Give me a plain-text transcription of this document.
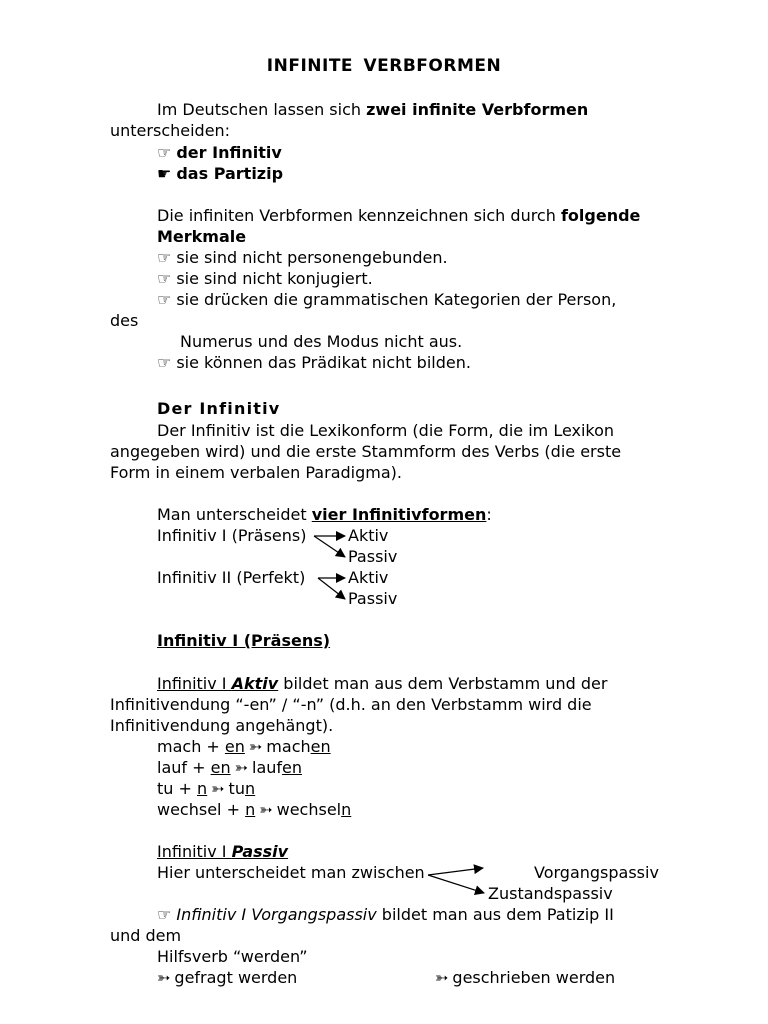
INFINITE VERBFORMEN
Im Deutschen lassen sich zwei infinite Verbformen
unterscheiden:
☞ der Infinitiv
☛ das Partizip
Die infiniten Verbformen kennzeichnen sich durch folgende
Merkmale
☞ sie sind nicht personengebunden.
☞ sie sind nicht konjugiert.
☞ sie drücken die grammatischen Kategorien der Person,
des
Numerus und des Modus nicht aus.
☞ sie können das Prädikat nicht bilden.
Der Infinitiv
Der Infinitiv ist die Lexikonform (die Form, die im Lexikon
angegeben wird) und die erste Stammform des Verbs (die erste
Form in einem verbalen Paradigma).
Man unterscheidet vier Infinitivformen:
Infinitiv I (Präsens)	Aktiv
Passiv
Infinitiv II (Perfekt)	Aktiv
Passiv
Infinitiv I (Präsens)
Infinitiv I Aktiv bildet man aus dem Verbstamm und der
Infinitivendung “-en” / “-n” (d.h. an den Verbstamm wird die
Infinitivendung angehängt).
mach + en ➳ machen
lauf + en ➳ laufen
tu + n ➳ tun
wechsel + n ➳ wechseln
Infinitiv I Passiv
Hier unterscheidet man zwischen	Vorgangspassiv
Zustandspassiv
☞ Infinitiv I Vorgangspassiv bildet man aus dem Patizip II
und dem
Hilfsverb “werden”
➳ gefragt werden	➳ geschrieben werden
